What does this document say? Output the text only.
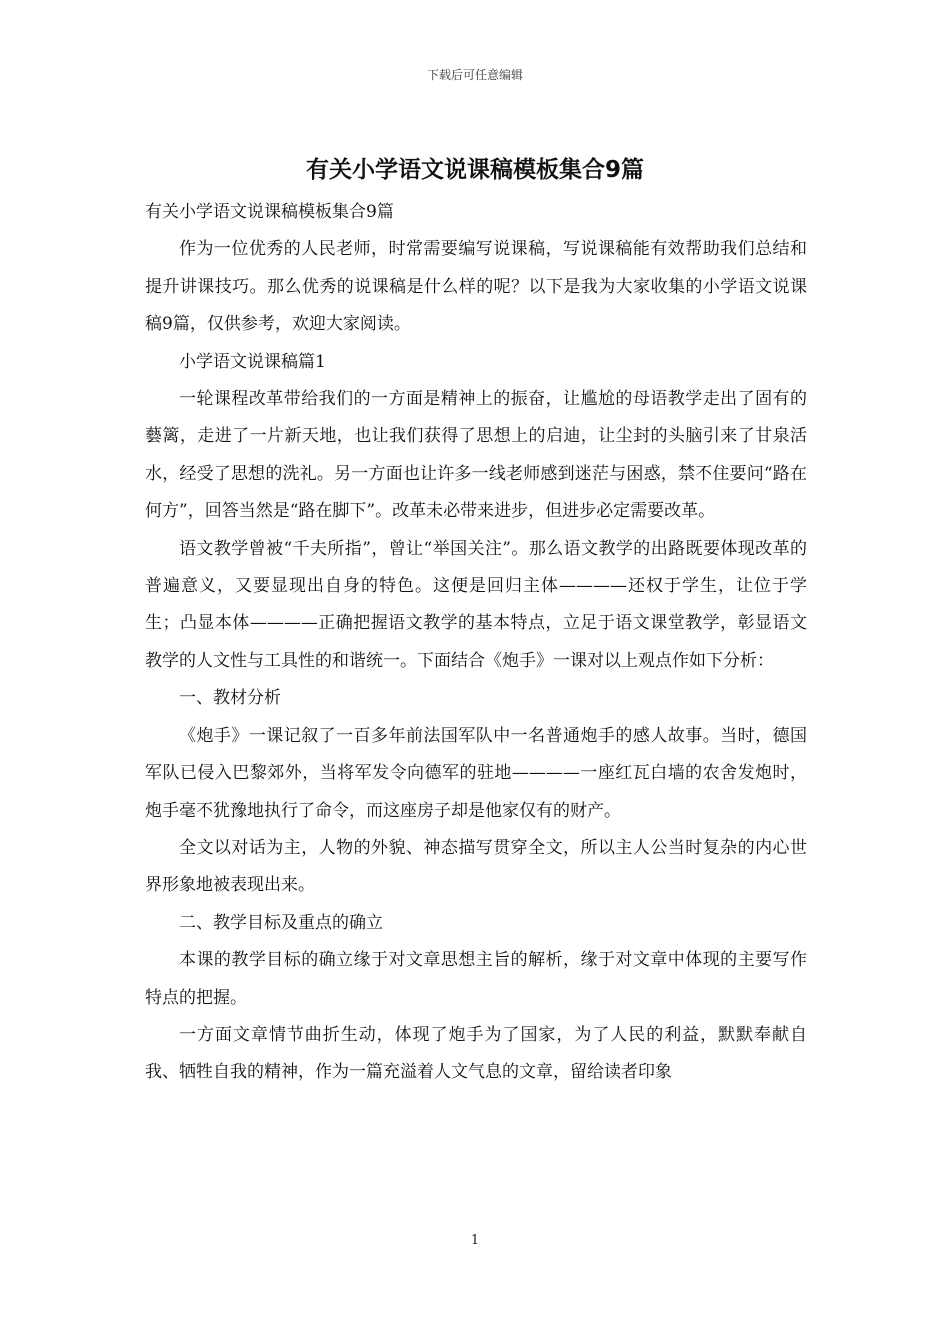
下载后可任意编辑
有关小学语文说课稿模板集合9篇

有关小学语文说课稿模板集合9篇

作为一位优秀的人民老师，时常需要编写说课稿，写说课稿能有效帮助我们总结和提升讲课技巧。那么优秀的说课稿是什么样的呢？以下是我为大家收集的小学语文说课稿9篇，仅供参考，欢迎大家阅读。

小学语文说课稿篇1

一轮课程改革带给我们的一方面是精神上的振奋，让尴尬的母语教学走出了固有的藝篱，走进了一片新天地，也让我们获得了思想上的启迪，让尘封的头脑引来了甘泉活水，经受了思想的洗礼。另一方面也让许多一线老师感到迷茫与困惑，禁不住要问“路在何方”，回答当然是“路在脚下”。改革未必带来进步，但进步必定需要改革。

语文教学曾被“千夫所指”，曾让“举国关注”。那么语文教学的出路既要体现改革的普遍意义，又要显现出自身的特色。这便是回归主体————还权于学生，让位于学生；凸显本体————正确把握语文教学的基本特点，立足于语文课堂教学，彰显语文教学的人文性与工具性的和谐统一。下面结合《炮手》一课对以上观点作如下分析：

一、教材分析

《炮手》一课记叙了一百多年前法国军队中一名普通炮手的感人故事。当时，德国军队已侵入巴黎郊外，当将军发令向德军的驻地————一座红瓦白墙的农舍发炮时，炮手毫不犹豫地执行了命令，而这座房子却是他家仅有的财产。

全文以对话为主，人物的外貌、神态描写贯穿全文，所以主人公当时复杂的内心世界形象地被表现出来。

二、教学目标及重点的确立

本课的教学目标的确立缘于对文章思想主旨的解析，缘于对文章中体现的主要写作特点的把握。

一方面文章情节曲折生动，体现了炮手为了国家，为了人民的利益，默默奉献自我、牺牲自我的精神，作为一篇充溢着人文气息的文章，留给读者印象

1
